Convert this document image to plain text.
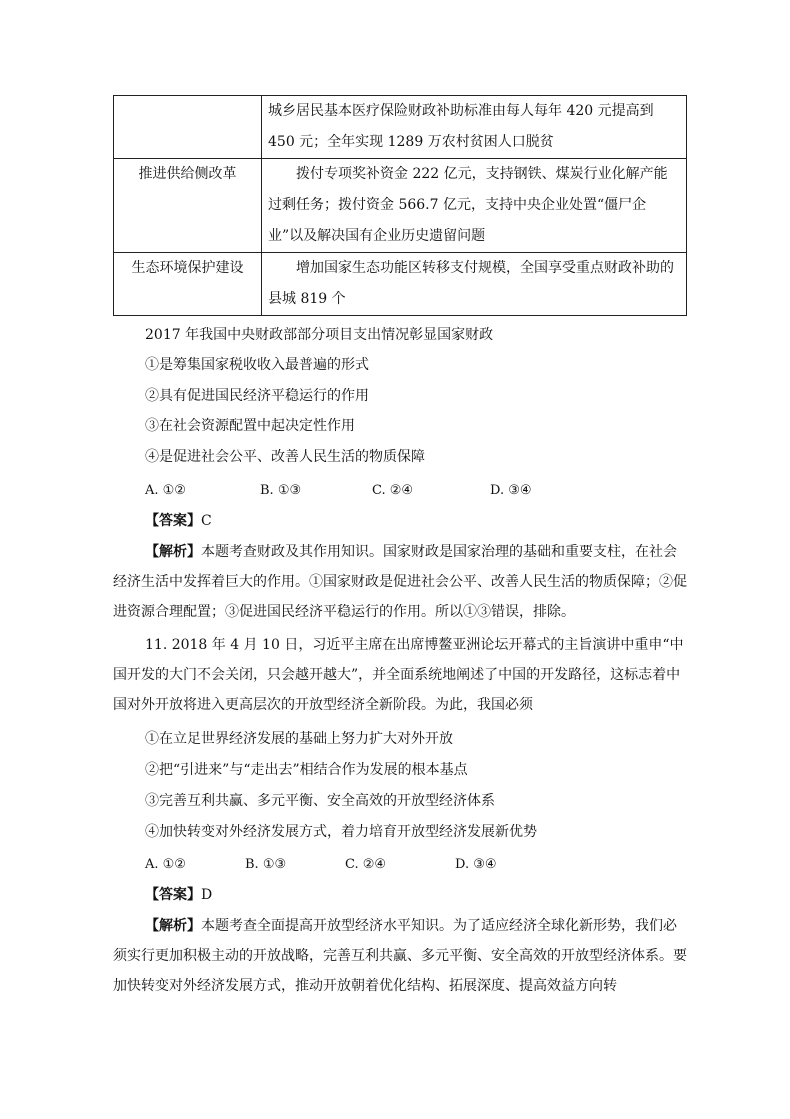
	城乡居民基本医疗保险财政补助标准由每人每年 420 元提高到 450 元；全年实现 1289 万农村贫困人口脱贫
推进供给侧改革	拨付专项奖补资金 222 亿元，支持钢铁、煤炭行业化解产能过剩任务；拨付资金 566.7 亿元，支持中央企业处置“僵尸企业”以及解决国有企业历史遗留问题
生态环境保护建设	增加国家生态功能区转移支付规模，全国享受重点财政补助的县城 819 个

2017 年我国中央财政部部分项目支出情况彰显国家财政

①是筹集国家税收收入最普遍的形式

②具有促进国民经济平稳运行的作用

③在社会资源配置中起决定性作用

④是促进社会公平、改善人民生活的物质保障

A. ①②	B. ①③	C. ②④	D. ③④

【答案】C

【解析】本题考查财政及其作用知识。国家财政是国家治理的基础和重要支柱，在社会经济生活中发挥着巨大的作用。①国家财政是促进社会公平、改善人民生活的物质保障；②促进资源合理配置；③促进国民经济平稳运行的作用。所以①③错误，排除。

11. 2018 年 4 月 10 日，习近平主席在出席博鳌亚洲论坛开幕式的主旨演讲中重申“中国开发的大门不会关闭，只会越开越大”，并全面系统地阐述了中国的开发路径，这标志着中国对外开放将进入更高层次的开放型经济全新阶段。为此，我国必须

①在立足世界经济发展的基础上努力扩大对外开放

②把“引进来”与“走出去”相结合作为发展的根本基点

③完善互利共赢、多元平衡、安全高效的开放型经济体系

④加快转变对外经济发展方式，着力培育开放型经济发展新优势

A. ①②	B. ①③	C. ②④	D. ③④

【答案】D

【解析】本题考查全面提高开放型经济水平知识。为了适应经济全球化新形势，我们必须实行更加积极主动的开放战略，完善互利共赢、多元平衡、安全高效的开放型经济体系。要加快转变对外经济发展方式，推动开放朝着优化结构、拓展深度、提高效益方向转
